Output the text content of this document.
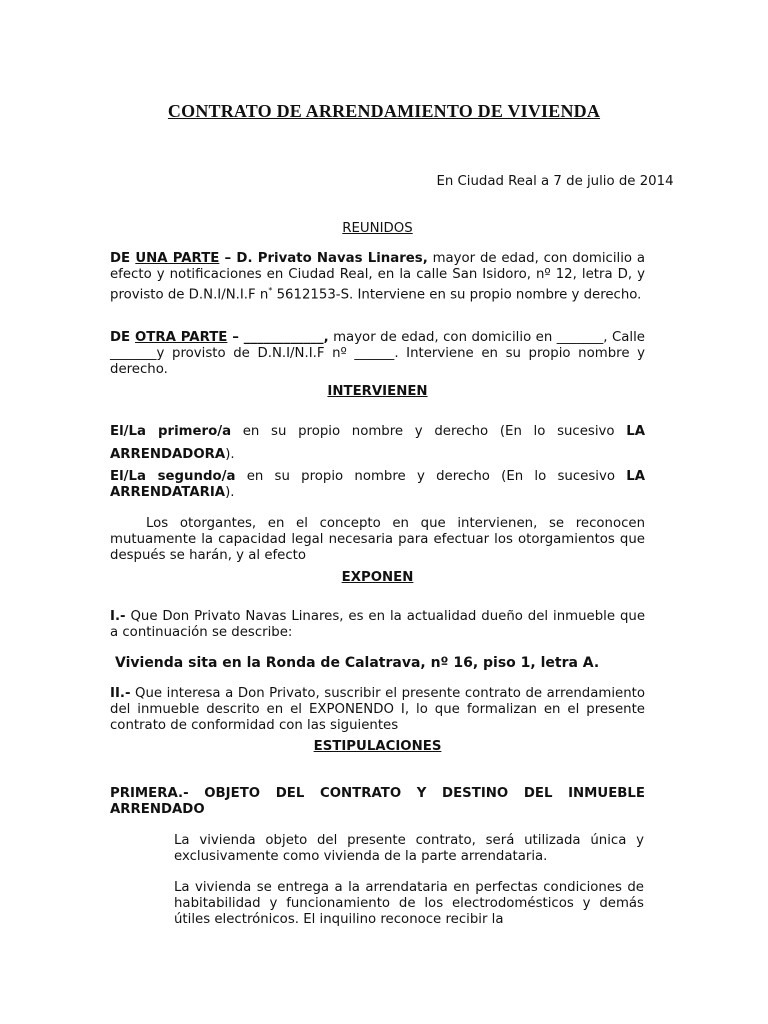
CONTRATO DE ARRENDAMIENTO DE VIVIENDA
En Ciudad Real a 7 de julio de 2014
REUNIDOS

DE UNA PARTE – D. Privato Navas Linares, mayor de edad, con domicilio a efecto y notificaciones en Ciudad Real, en la calle San Isidoro, nº 12, letra D, y provisto de D.N.I/N.I.F n* 5612153-S. Interviene en su propio nombre y derecho.

DE OTRA PARTE – ____________, mayor de edad, con domicilio en _______, Calle _______y provisto de D.N.I/N.I.F nº ______. Interviene en su propio nombre y derecho.

INTERVIENEN

El/La primero/a en su propio nombre y derecho (En lo sucesivo LA ARRENDADORA).

El/La segundo/a en su propio nombre y derecho (En lo sucesivo LA ARRENDATARIA).

Los otorgantes, en el concepto en que intervienen, se reconocen mutuamente la capacidad legal necesaria para efectuar los otorgamientos que después se harán, y al efecto

EXPONEN

I.- Que Don Privato Navas Linares, es en la actualidad dueño del inmueble que a continuación se describe:

Vivienda sita en la Ronda de Calatrava, nº 16, piso 1, letra A.

II.- Que interesa a Don Privato, suscribir el presente contrato de arrendamiento del inmueble descrito en el EXPONENDO I, lo que formalizan en el presente contrato de conformidad con las siguientes

ESTIPULACIONES
PRIMERA.- OBJETO DEL CONTRATO Y DESTINO DEL INMUEBLE ARRENDADO

La vivienda objeto del presente contrato, será utilizada única y exclusivamente como vivienda de la parte arrendataria.

La vivienda se entrega a la arrendataria en perfectas condiciones de habitabilidad y funcionamiento de los electrodomésticos y demás útiles electrónicos. El inquilino reconoce recibir la
